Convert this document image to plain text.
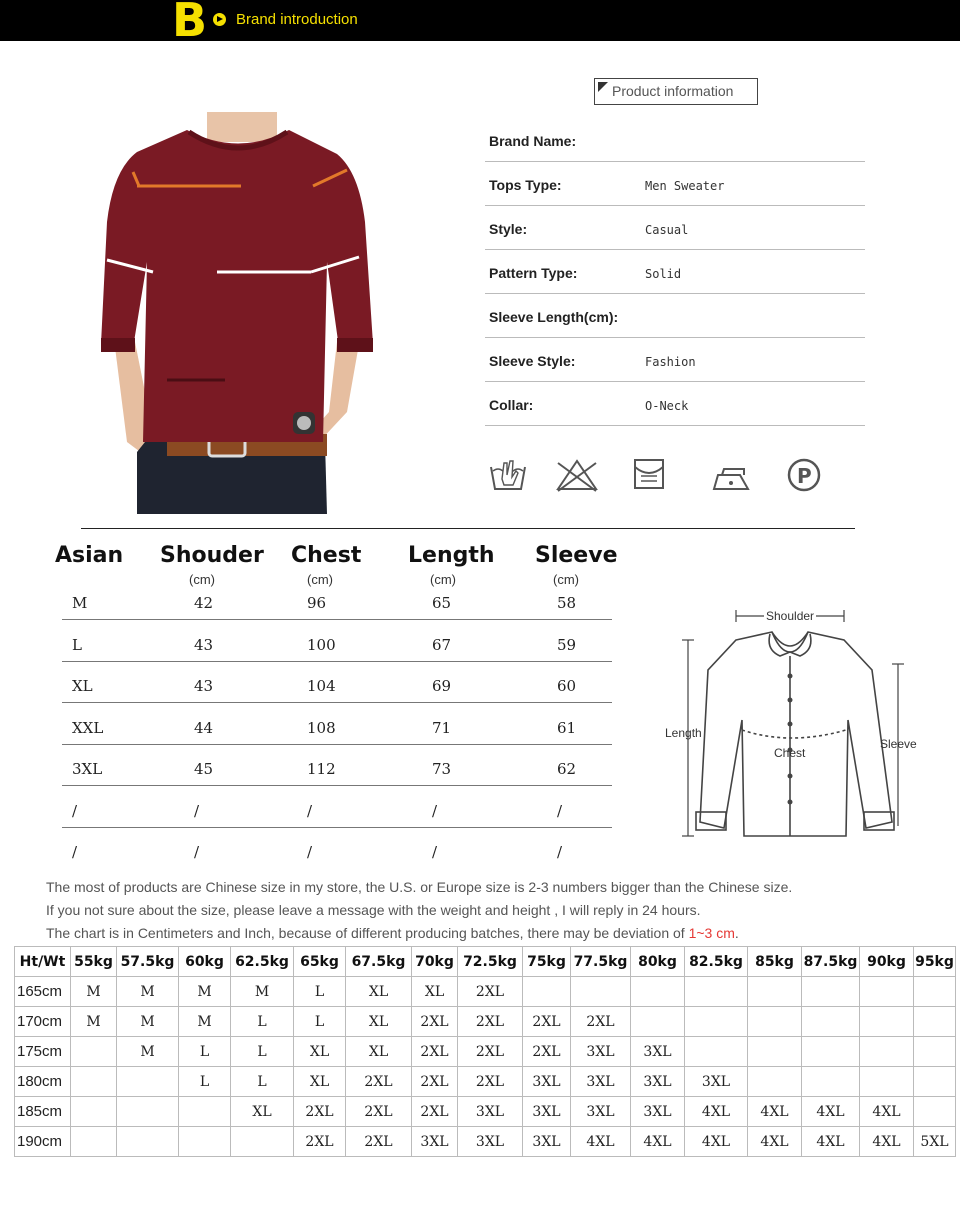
B Brand introduction
Product information
Brand Name:
Tops Type:	Men Sweater
Style:	Casual
Pattern Type:	Solid
Sleeve Length(cm):
Sleeve Style:	Fashion
Collar:	O-Neck
P
Asian Shouder Chest Length Sleeve
(cm)	(cm)	(cm)	(cm)
M	42	96	65	58
L	43	100	67	59
XL	43	104	69	60
XXL	44	108	71	61
3XL	45	112	73	62
/	/	/	/	/
/	/	/	/	/
Shoulder
Length
Chest
Sleeve
The most of products are Chinese size in my store, the U.S. or Europe size is 2-3 numbers bigger than the Chinese size.
If you not sure about the size, please leave a message with the weight and height , I will reply in 24 hours.
The chart is in Centimeters and Inch, because of different producing batches, there may be deviation of 1~3 cm.
Ht/Wt	55kg	57.5kg	60kg	62.5kg	65kg	67.5kg	70kg	72.5kg	75kg	77.5kg	80kg	82.5kg	85kg	87.5kg	90kg	95kg
165cm	M	M	M	M	L	XL	XL	2XL								
170cm	M	M	M	L	L	XL	2XL	2XL	2XL	2XL						
175cm		M	L	L	XL	XL	2XL	2XL	2XL	3XL	3XL					
180cm			L	L	XL	2XL	2XL	2XL	3XL	3XL	3XL	3XL				
185cm				XL	2XL	2XL	2XL	3XL	3XL	3XL	3XL	4XL	4XL	4XL	4XL	
190cm					2XL	2XL	3XL	3XL	3XL	4XL	4XL	4XL	4XL	4XL	4XL	5XL
